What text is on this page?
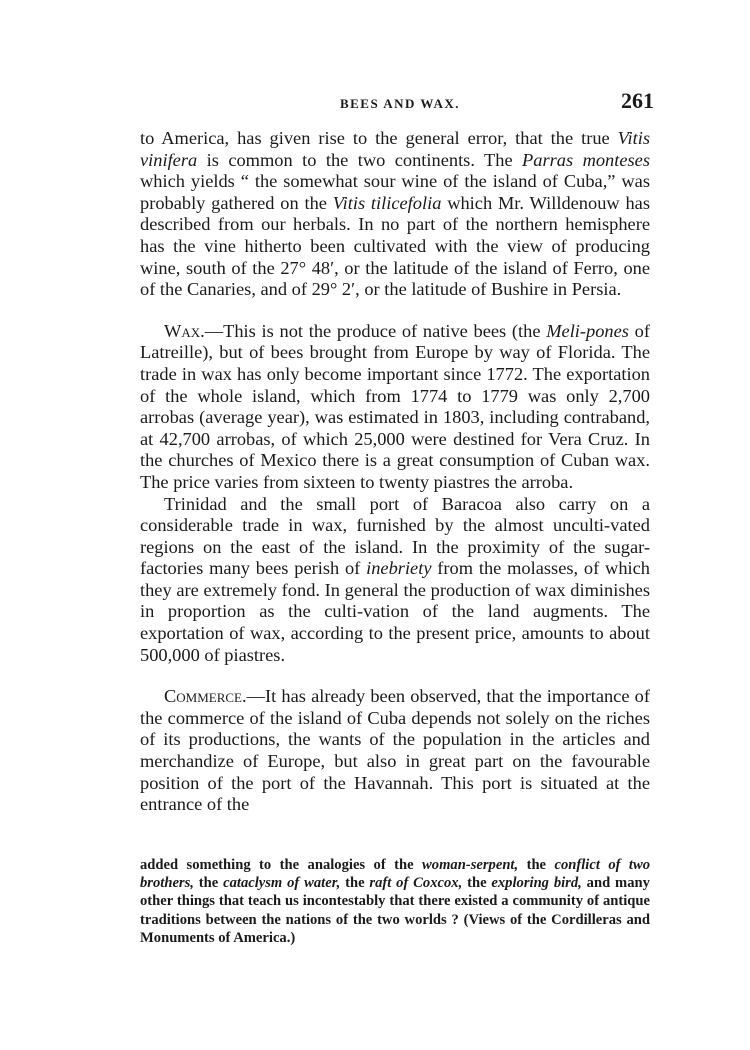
BEES AND WAX.	261

to America, has given rise to the general error, that the true Vitis vinifera is common to the two continents. The Parras monteses which yields “ the somewhat sour wine of the island of Cuba,” was probably gathered on the Vitis tilicefolia which Mr. Willdenouw has described from our herbals. In no part of the northern hemisphere has the vine hitherto been cultivated with the view of producing wine, south of the 27° 48′, or the latitude of the island of Ferro, one of the Canaries, and of 29° 2′, or the latitude of Bushire in Persia.

Wax.—This is not the produce of native bees (the Meli-pones of Latreille), but of bees brought from Europe by way of Florida. The trade in wax has only become important since 1772. The exportation of the whole island, which from 1774 to 1779 was only 2,700 arrobas (average year), was estimated in 1803, including contraband, at 42,700 arrobas, of which 25,000 were destined for Vera Cruz. In the churches of Mexico there is a great consumption of Cuban wax. The price varies from sixteen to twenty piastres the arroba.

Trinidad and the small port of Baracoa also carry on a considerable trade in wax, furnished by the almost unculti-vated regions on the east of the island. In the proximity of the sugar-factories many bees perish of inebriety from the molasses, of which they are extremely fond. In general the production of wax diminishes in proportion as the culti-vation of the land augments. The exportation of wax, according to the present price, amounts to about 500,000 of piastres.

Commerce.—It has already been observed, that the importance of the commerce of the island of Cuba depends not solely on the riches of its productions, the wants of the population in the articles and merchandize of Europe, but also in great part on the favourable position of the port of the Havannah. This port is situated at the entrance of the

added something to the analogies of the woman-serpent, the conflict of two brothers, the cataclysm of water, the raft of Coxcox, the exploring bird, and many other things that teach us incontestably that there existed a community of antique traditions between the nations of the two worlds ? (Views of the Cordilleras and Monuments of America.)
